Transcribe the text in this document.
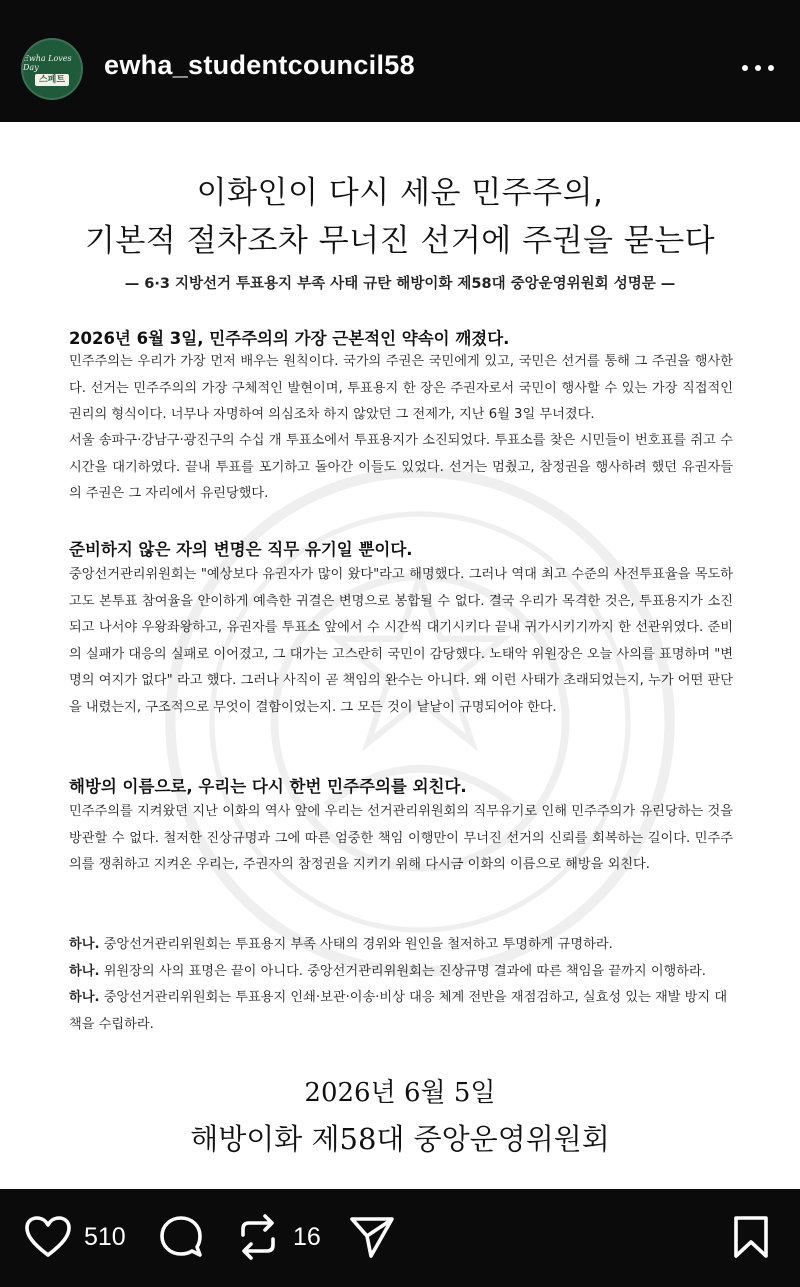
Ewha Loves Day
스페트 ewha_studentcouncil58
이화인이 다시 세운 민주주의,
기본적 절차조차 무너진 선거에 주권을 묻는다
— 6·3 지방선거 투표용지 부족 사태 규탄 해방이화 제58대 중앙운영위원회 성명문 —
2026년 6월 3일, 민주주의의 가장 근본적인 약속이 깨졌다.

민주주의는 우리가 가장 먼저 배우는 원칙이다. 국가의 주권은 국민에게 있고, 국민은 선거를 통해 그 주권을 행사한다. 선거는 민주주의의 가장 구체적인 발현이며, 투표용지 한 장은 주권자로서 국민이 행사할 수 있는 가장 직접적인 권리의 형식이다. 너무나 자명하여 의심조차 하지 않았던 그 전제가, 지난 6월 3일 무너졌다.

서울 송파구·강남구·광진구의 수십 개 투표소에서 투표용지가 소진되었다. 투표소를 찾은 시민들이 번호표를 쥐고 수 시간을 대기하였다. 끝내 투표를 포기하고 돌아간 이들도 있었다. 선거는 멈췄고, 참정권을 행사하려 했던 유권자들의 주권은 그 자리에서 유린당했다.

준비하지 않은 자의 변명은 직무 유기일 뿐이다.

중앙선거관리위원회는 "예상보다 유권자가 많이 왔다"라고 해명했다. 그러나 역대 최고 수준의 사전투표율을 목도하고도 본투표 참여율을 안이하게 예측한 귀결은 변명으로 봉합될 수 없다. 결국 우리가 목격한 것은, 투표용지가 소진되고 나서야 우왕좌왕하고, 유권자를 투표소 앞에서 수 시간씩 대기시키다 끝내 귀가시키기까지 한 선관위였다. 준비의 실패가 대응의 실패로 이어졌고, 그 대가는 고스란히 국민이 감당했다. 노태악 위원장은 오늘 사의를 표명하며 "변명의 여지가 없다" 라고 했다. 그러나 사직이 곧 책임의 완수는 아니다. 왜 이런 사태가 초래되었는지, 누가 어떤 판단을 내렸는지, 구조적으로 무엇이 결함이었는지. 그 모든 것이 낱낱이 규명되어야 한다.

해방의 이름으로, 우리는 다시 한번 민주주의를 외친다.

민주주의를 지켜왔던 지난 이화의 역사 앞에 우리는 선거관리위원회의 직무유기로 인해 민주주의가 유린당하는 것을 방관할 수 없다. 철저한 진상규명과 그에 따른 엄중한 책임 이행만이 무너진 선거의 신뢰를 회복하는 길이다. 민주주의를 쟁취하고 지켜온 우리는, 주권자의 참정권을 지키기 위해 다시금 이화의 이름으로 해방을 외친다.

하나. 중앙선거관리위원회는 투표용지 부족 사태의 경위와 원인을 철저하고 투명하게 규명하라.

하나. 위원장의 사의 표명은 끝이 아니다. 중앙선거관리위원회는 진상규명 결과에 따른 책임을 끝까지 이행하라.

하나. 중앙선거관리위원회는 투표용지 인쇄·보관·이송·비상 대응 체계 전반을 재점검하고, 실효성 있는 재발 방지 대책을 수립하라.

2026년 6월 5일
해방이화 제58대 중앙운영위원회
510	16
